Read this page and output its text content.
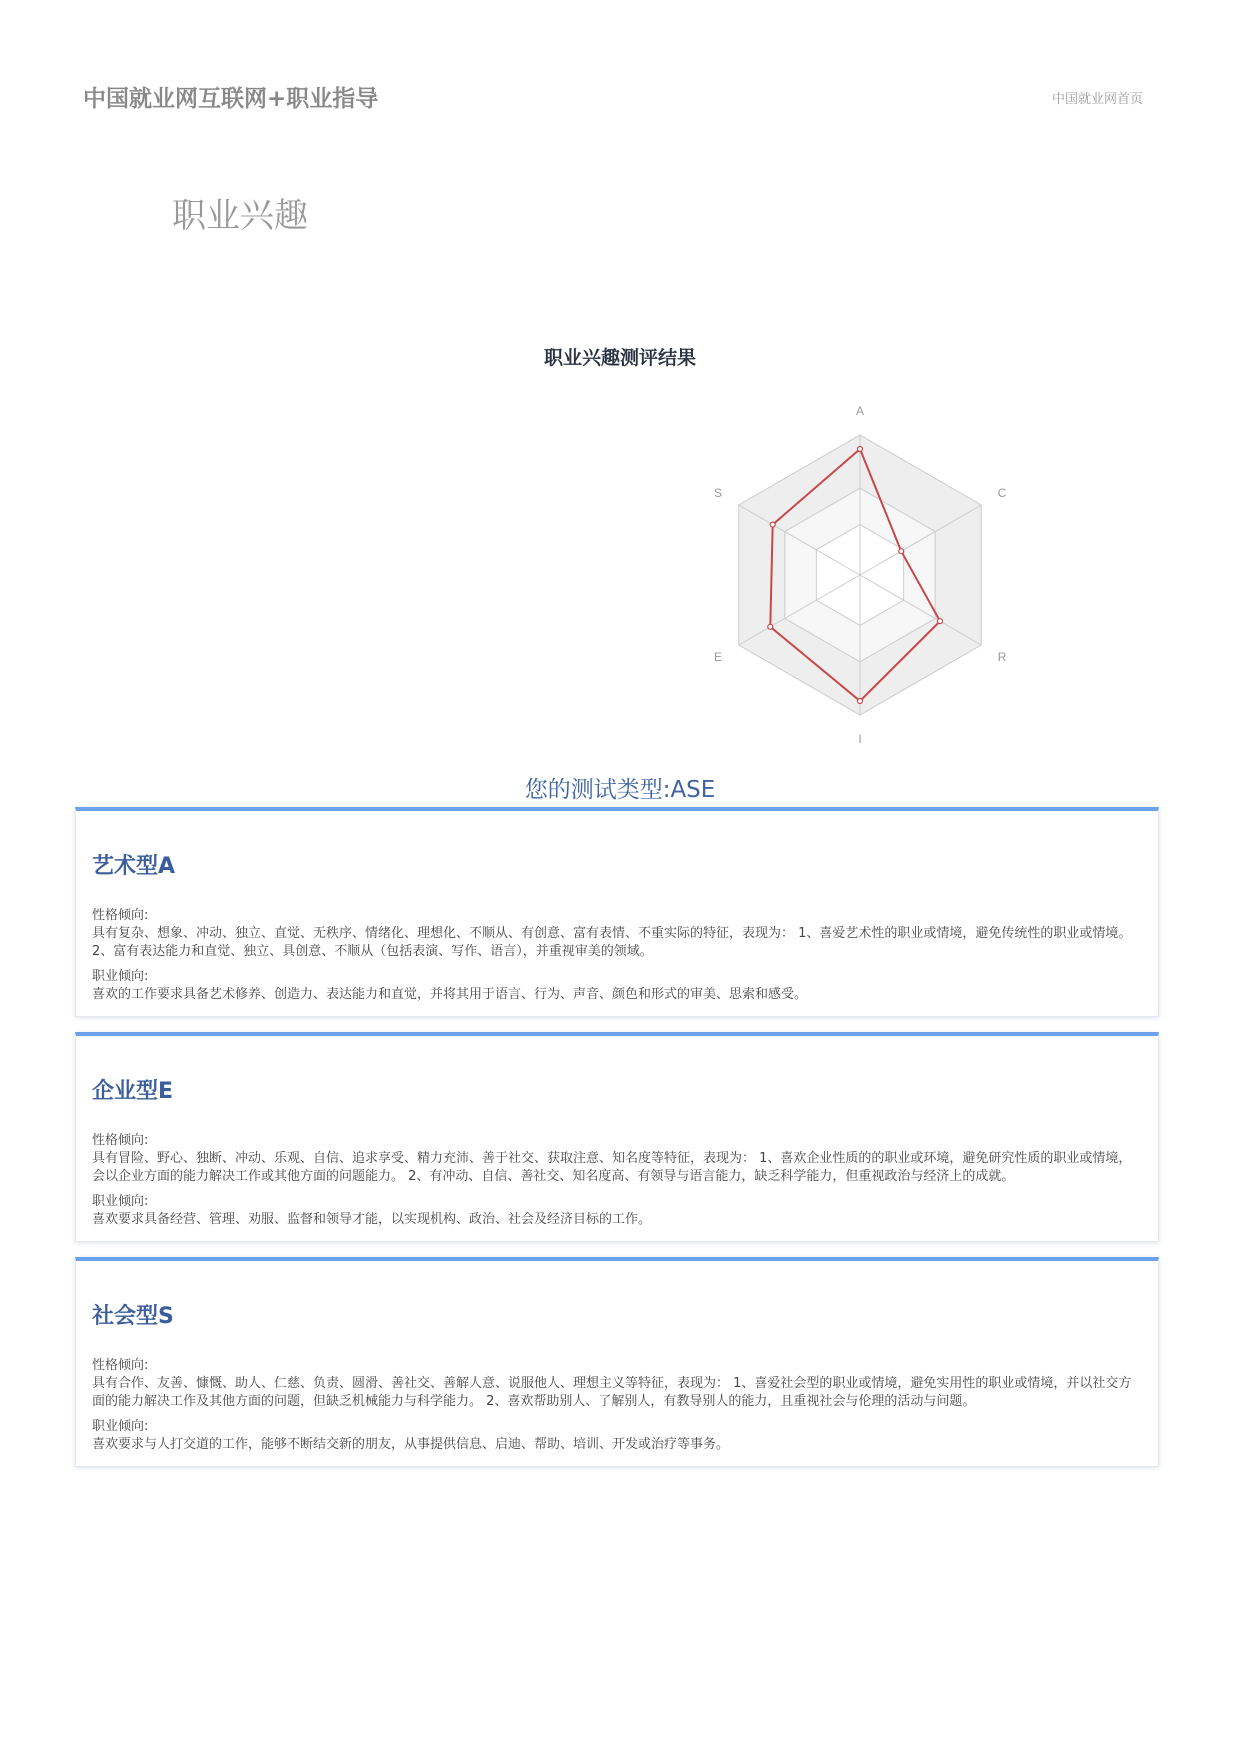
中国就业网互联网+职业指导	中国就业网首页
职业兴趣
职业兴趣测评结果
A
C
R
I
E
S
您的测试类型:ASE
艺术型A
性格倾向:
具有复杂、想象、冲动、独立、直觉、无秩序、情绪化、理想化、不顺从、有创意、富有表情、不重实际的特征，表现为： 1、喜爱艺术性的职业或情境，避免传统性的职业或情境。 2、富有表达能力和直觉、独立、具创意、不顺从（包括表演、写作、语言），并重视审美的领域。
职业倾向:
喜欢的工作要求具备艺术修养、创造力、表达能力和直觉，并将其用于语言、行为、声音、颜色和形式的审美、思索和感受。
企业型E
性格倾向:
具有冒险、野心、独断、冲动、乐观、自信、追求享受、精力充沛、善于社交、获取注意、知名度等特征，表现为： 1、喜欢企业性质的的职业或环境，避免研究性质的职业或情境，会以企业方面的能力解决工作或其他方面的问题能力。 2、有冲动、自信、善社交、知名度高、有领导与语言能力，缺乏科学能力，但重视政治与经济上的成就。
职业倾向:
喜欢要求具备经营、管理、劝服、监督和领导才能，以实现机构、政治、社会及经济目标的工作。
社会型S
性格倾向:
具有合作、友善、慷慨、助人、仁慈、负责、圆滑、善社交、善解人意、说服他人、理想主义等特征，表现为： 1、喜爱社会型的职业或情境，避免实用性的职业或情境，并以社交方面的能力解决工作及其他方面的问题，但缺乏机械能力与科学能力。 2、喜欢帮助别人、了解别人，有教导别人的能力，且重视社会与伦理的活动与问题。
职业倾向:
喜欢要求与人打交道的工作，能够不断结交新的朋友，从事提供信息、启迪、帮助、培训、开发或治疗等事务。
